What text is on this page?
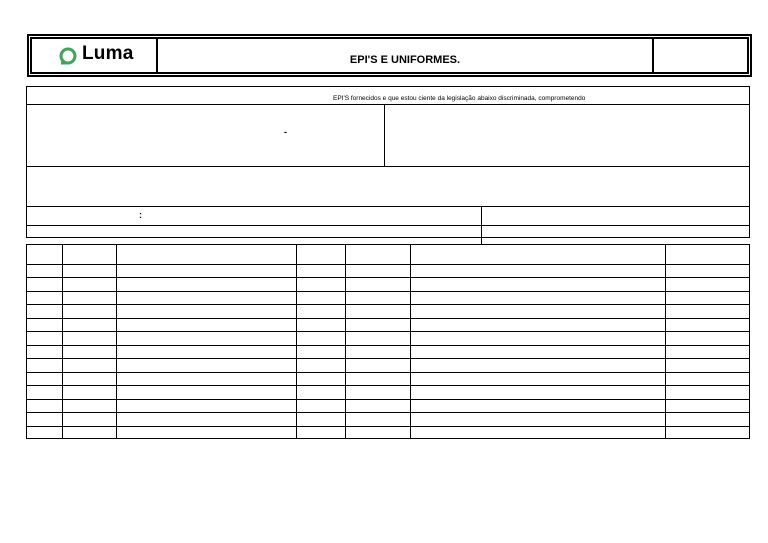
Luma	EPI'S E UNIFORMES.
EPI'S fornecidos e que estou ciente da legislação abaixo discriminada, comprometendo
-
:
